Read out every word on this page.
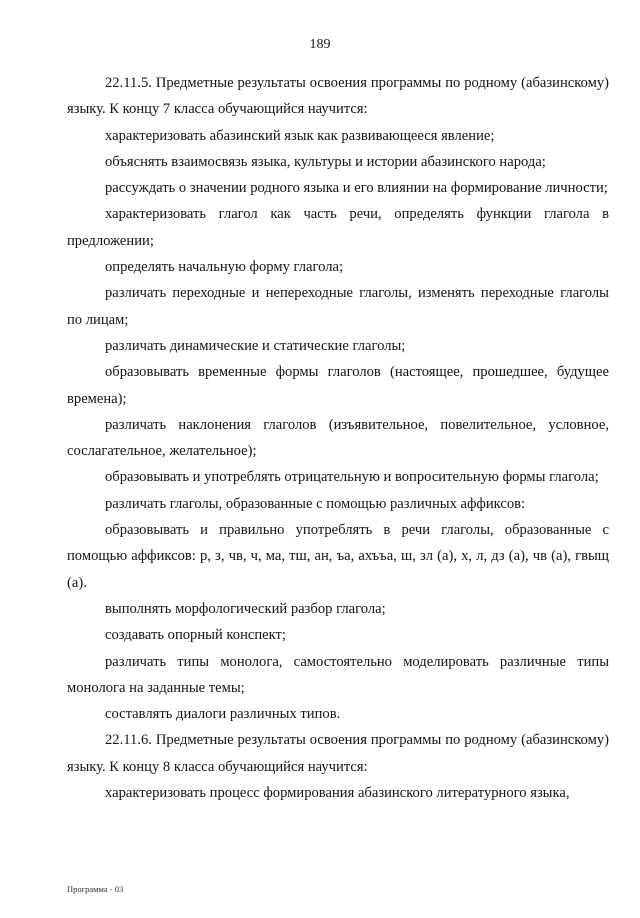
189

22.11.5. Предметные результаты освоения программы по родному (абазинскому) языку. К концу 7 класса обучающийся научится:

характеризовать абазинский язык как развивающееся явление;

объяснять взаимосвязь языка, культуры и истории абазинского народа;

рассуждать о значении родного языка и его влиянии на формирование личности;

характеризовать глагол как часть речи, определять функции глагола в предложении;

определять начальную форму глагола;

различать переходные и непереходные глаголы, изменять переходные глаголы по лицам;

различать динамические и статические глаголы;

образовывать временные формы глаголов (настоящее, прошедшее, будущее времена);

различать наклонения глаголов (изъявительное, повелительное, условное, сослагательное, желательное);

образовывать и употреблять отрицательную и вопросительную формы глагола;

различать глаголы, образованные с помощью различных аффиксов:

образовывать и правильно употреблять в речи глаголы, образованные с помощью аффиксов: р, з, чв, ч, ма, тш, ан, ъа, ахъъа, ш, зл (а), х, л, дз (а), чв (а), гвыщ (а).

выполнять морфологический разбор глагола;

создавать опорный конспект;

различать типы монолога, самостоятельно моделировать различные типы монолога на заданные темы;

составлять диалоги различных типов.

22.11.6. Предметные результаты освоения программы по родному (абазинскому) языку. К концу 8 класса обучающийся научится:

характеризовать процесс формирования абазинского литературного языка,

Программа - 03
